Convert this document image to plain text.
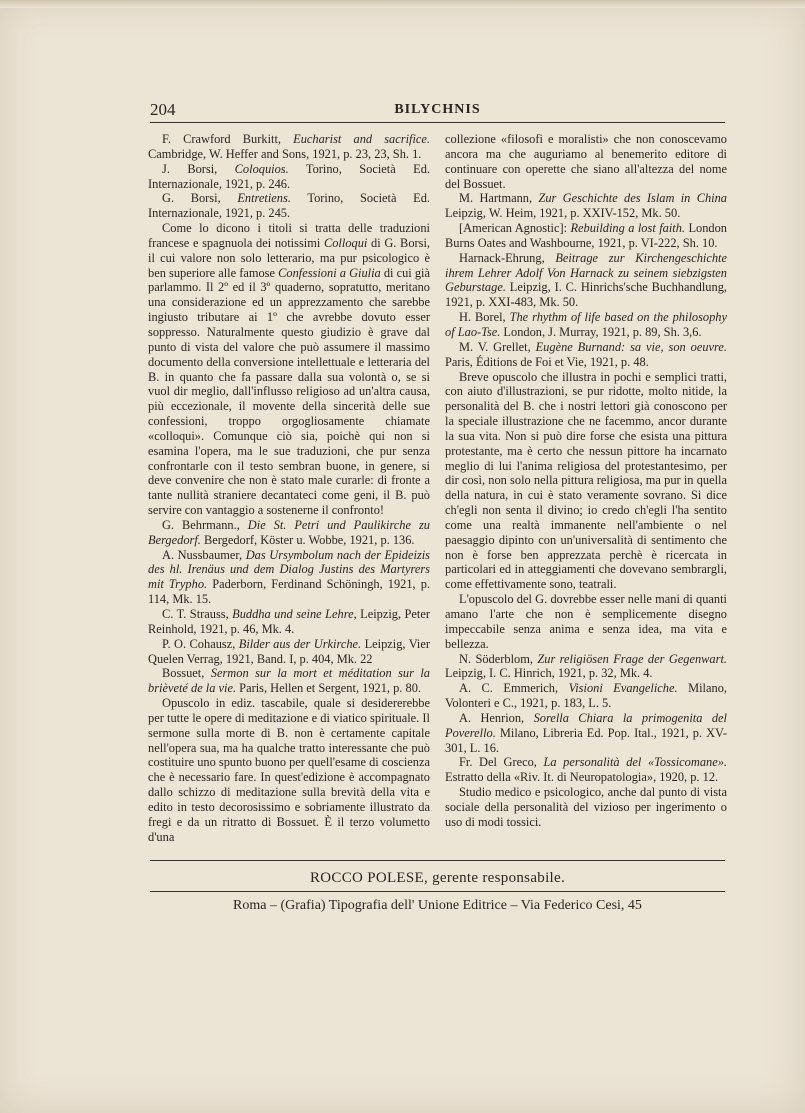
204	BILYCHNIS

F. Crawford Burkitt, Eucharist and sacrifice. Cambridge, W. Heffer and Sons, 1921, p. 23, 23, Sh. 1.

J. Borsi, Coloquios. Torino, Società Ed. Internazionale, 1921, p. 246.

G. Borsi, Entretiens. Torino, Società Ed. Internazionale, 1921, p. 245.

Come lo dicono i titoli si tratta delle traduzioni francese e spagnuola dei notissimi Colloqui di G. Borsi, il cui valore non solo letterario, ma pur psicologico è ben superiore alle famose Confessioni a Giulia di cui già parlammo. Il 2º ed il 3º quaderno, sopratutto, meritano una considerazione ed un apprezzamento che sarebbe ingiusto tributare ai 1º che avrebbe dovuto esser soppresso. Naturalmente questo giudizio è grave dal punto di vista del valore che può assumere il massimo documento della conversione intellettuale e letteraria del B. in quanto che fa passare dalla sua volontà o, se si vuol dir meglio, dall'influsso religioso ad un'altra causa, più eccezionale, il movente della sincerità delle sue confessioni, troppo orgogliosamente chiamate «colloqui». Comunque ciò sia, poichè qui non si esamina l'opera, ma le sue traduzioni, che pur senza confrontarle con il testo sembran buone, in genere, si deve convenire che non è stato male curarle: di fronte a tante nullità straniere decantateci come geni, il B. può servire con vantaggio a sostenerne il confronto!

G. Behrmann., Die St. Petri und Paulikirche zu Bergedorf. Bergedorf, Köster u. Wobbe, 1921, p. 136.

A. Nussbaumer, Das Ursymbolum nach der Epideizis des hl. Irenäus und dem Dialog Justins des Martyrers mit Trypho. Paderborn, Ferdinand Schöningh, 1921, p. 114, Mk. 15.

C. T. Strauss, Buddha und seine Lehre, Leipzig, Peter Reinhold, 1921, p. 46, Mk. 4.

P. O. Cohausz, Bilder aus der Urkirche. Leipzig, Vier Quelen Verrag, 1921, Band. I, p. 404, Mk. 22

Bossuet, Sermon sur la mort et méditation sur la brièveté de la vie. Paris, Hellen et Sergent, 1921, p. 80.

Opuscolo in ediz. tascabile, quale si desidererebbe per tutte le opere di meditazione e di viatico spirituale. Il sermone sulla morte di B. non è certamente capitale nell'opera sua, ma ha qualche tratto interessante che può costituire uno spunto buono per quell'esame di coscienza che è necessario fare. In quest'edizione è accompagnato dallo schizzo di meditazione sulla brevità della vita e edito in testo decorosissimo e sobriamente illustrato da fregi e da un ritratto di Bossuet. È il terzo volumetto d'una

collezione «filosofi e moralisti» che non conoscevamo ancora ma che auguriamo al benemerito editore di continuare con operette che siano all'altezza del nome del Bossuet.

M. Hartmann, Zur Geschichte des Islam in China Leipzig, W. Heim, 1921, p. XXIV-152, Mk. 50.

[American Agnostic]: Rebuilding a lost faith. London Burns Oates and Washbourne, 1921, p. VI-222, Sh. 10.

Harnack-Ehrung, Beitrage zur Kirchengeschichte ihrem Lehrer Adolf Von Harnack zu seinem siebzigsten Geburstage. Leipzig, I. C. Hinrichs'sche Buchhandlung, 1921, p. XXI-483, Mk. 50.

H. Borel, The rhythm of life based on the philosophy of Lao-Tse. London, J. Murray, 1921, p. 89, Sh. 3,6.

M. V. Grellet, Eugène Burnand: sa vie, son oeuvre. Paris, Éditions de Foi et Vie, 1921, p. 48.

Breve opuscolo che illustra in pochi e semplici tratti, con aiuto d'illustrazioni, se pur ridotte, molto nitide, la personalità del B. che i nostri lettori già conoscono per la speciale illustrazione che ne facemmo, ancor durante la sua vita. Non si può dire forse che esista una pittura protestante, ma è certo che nessun pittore ha incarnato meglio di lui l'anima religiosa del protestantesimo, per dir così, non solo nella pittura religiosa, ma pur in quella della natura, in cui è stato veramente sovrano. Si dice ch'egli non senta il divino; io credo ch'egli l'ha sentito come una realtà immanente nell'ambiente o nel paesaggio dipinto con un'universalità di sentimento che non è forse ben apprezzata perchè è ricercata in particolari ed in atteggiamenti che dovevano sembrargli, come effettivamente sono, teatrali.

L'opuscolo del G. dovrebbe esser nelle mani di quanti amano l'arte che non è semplicemente disegno impeccabile senza anima e senza idea, ma vita e bellezza.

N. Söderblom, Zur religiösen Frage der Gegenwart. Leipzig, I. C. Hinrich, 1921, p. 32, Mk. 4.

A. C. Emmerich, Visioni Evangeliche. Milano, Volonteri e C., 1921, p. 183, L. 5.

A. Henrion, Sorella Chiara la primogenita del Poverello. Milano, Libreria Ed. Pop. Ital., 1921, p. XV-301, L. 16.

Fr. Del Greco, La personalità del «Tossicomane». Estratto della «Riv. It. di Neuropatologia», 1920, p. 12.

Studio medico e psicologico, anche dal punto di vista sociale della personalità del vizioso per ingerimento o uso di modi tossici.

ROCCO POLESE, gerente responsabile.
Roma – (Grafia) Tipografia dell' Unione Editrice – Via Federico Cesi, 45
